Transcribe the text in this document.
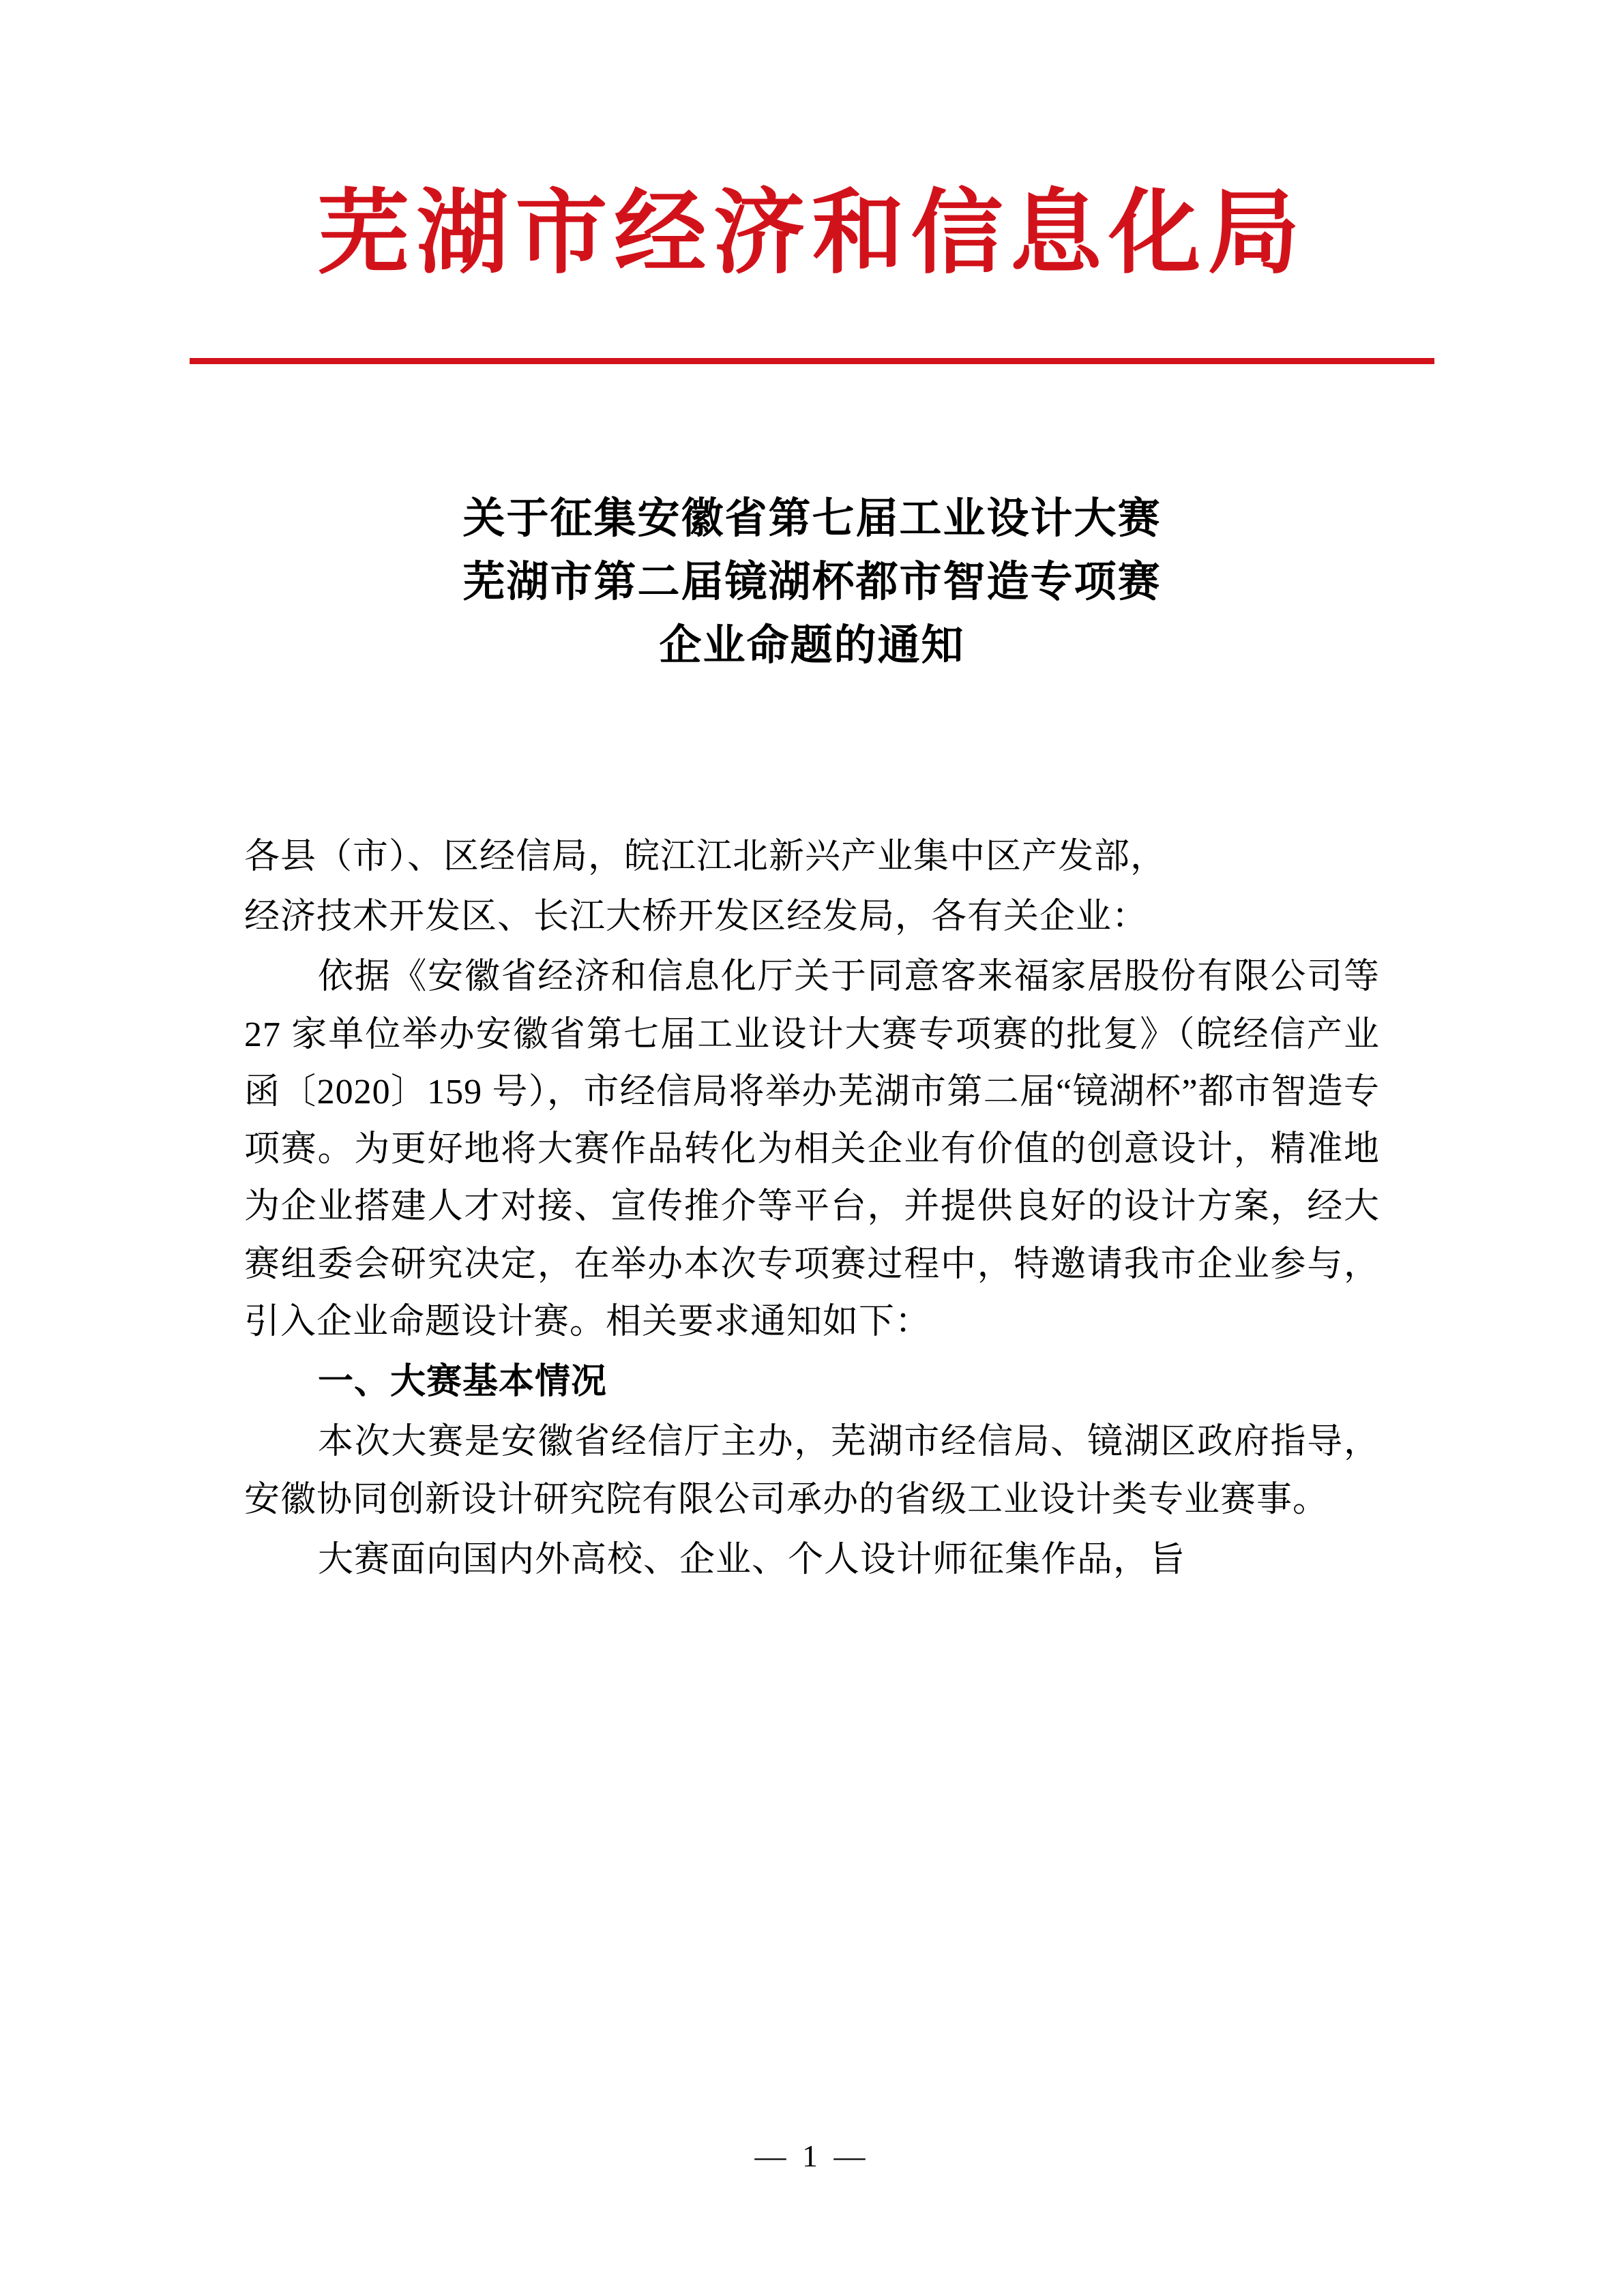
芜湖市经济和信息化局
关于征集安徽省第七届工业设计大赛
芜湖市第二届镜湖杯都市智造专项赛
企业命题的通知

各县（市）、区经信局，皖江江北新兴产业集中区产发部，

经济技术开发区、长江大桥开发区经发局，各有关企业：

依据《安徽省经济和信息化厅关于同意客来福家居股份有限公司等 27 家单位举办安徽省第七届工业设计大赛专项赛的批复》（皖经信产业函〔2020〕159 号），市经信局将举办芜湖市第二届“镜湖杯”都市智造专项赛。为更好地将大赛作品转化为相关企业有价值的创意设计，精准地为企业搭建人才对接、宣传推介等平台，并提供良好的设计方案，经大赛组委会研究决定，在举办本次专项赛过程中，特邀请我市企业参与，引入企业命题设计赛。相关要求通知如下：

一、大赛基本情况

本次大赛是安徽省经信厅主办，芜湖市经信局、镜湖区政府指导，安徽协同创新设计研究院有限公司承办的省级工业设计类专业赛事。

大赛面向国内外高校、企业、个人设计师征集作品，旨

— 1 —
